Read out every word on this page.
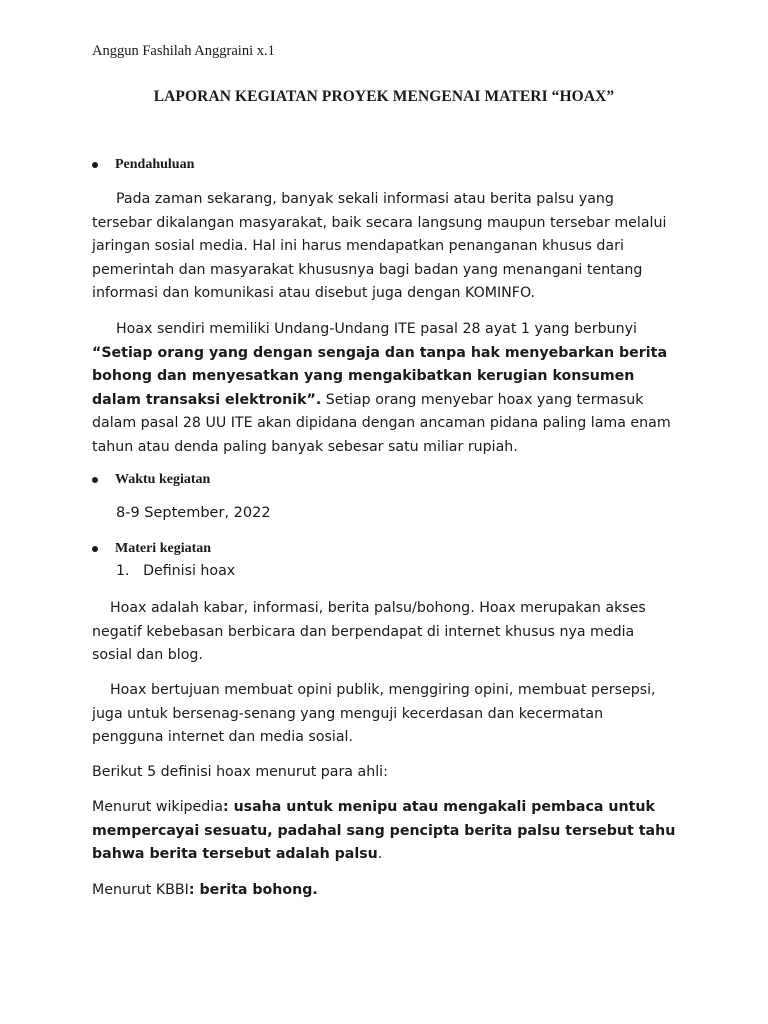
Anggun Fashilah Anggraini x.1
LAPORAN KEGIATAN PROYEK MENGENAI MATERI “HOAX”
Pendahuluan

Pada zaman sekarang, banyak sekali informasi atau berita palsu yang tersebar dikalangan masyarakat, baik secara langsung maupun tersebar melalui jaringan sosial media. Hal ini harus mendapatkan penanganan khusus dari pemerintah dan masyarakat khususnya bagi badan yang menangani tentang informasi dan komunikasi atau disebut juga dengan KOMINFO.

Hoax sendiri memiliki Undang-Undang ITE pasal 28 ayat 1 yang berbunyi “Setiap orang yang dengan sengaja dan tanpa hak menyebarkan berita bohong dan menyesatkan yang mengakibatkan kerugian konsumen dalam transaksi elektronik”. Setiap orang menyebar hoax yang termasuk dalam pasal 28 UU ITE akan dipidana dengan ancaman pidana paling lama enam tahun atau denda paling banyak sebesar satu miliar rupiah.

Waktu kegiatan
8-9 September, 2022
Materi kegiatan
1.   Definisi hoax

Hoax adalah kabar, informasi, berita palsu/bohong. Hoax merupakan akses negatif kebebasan berbicara dan berpendapat di internet khusus nya media sosial dan blog.

Hoax bertujuan membuat opini publik, menggiring opini, membuat persepsi, juga untuk bersenag-senang yang menguji kecerdasan dan kecermatan pengguna internet dan media sosial.

Berikut 5 definisi hoax menurut para ahli:

Menurut wikipedia: usaha untuk menipu atau mengakali pembaca untuk mempercayai sesuatu, padahal sang pencipta berita palsu tersebut tahu bahwa berita tersebut adalah palsu.

Menurut KBBI: berita bohong.
